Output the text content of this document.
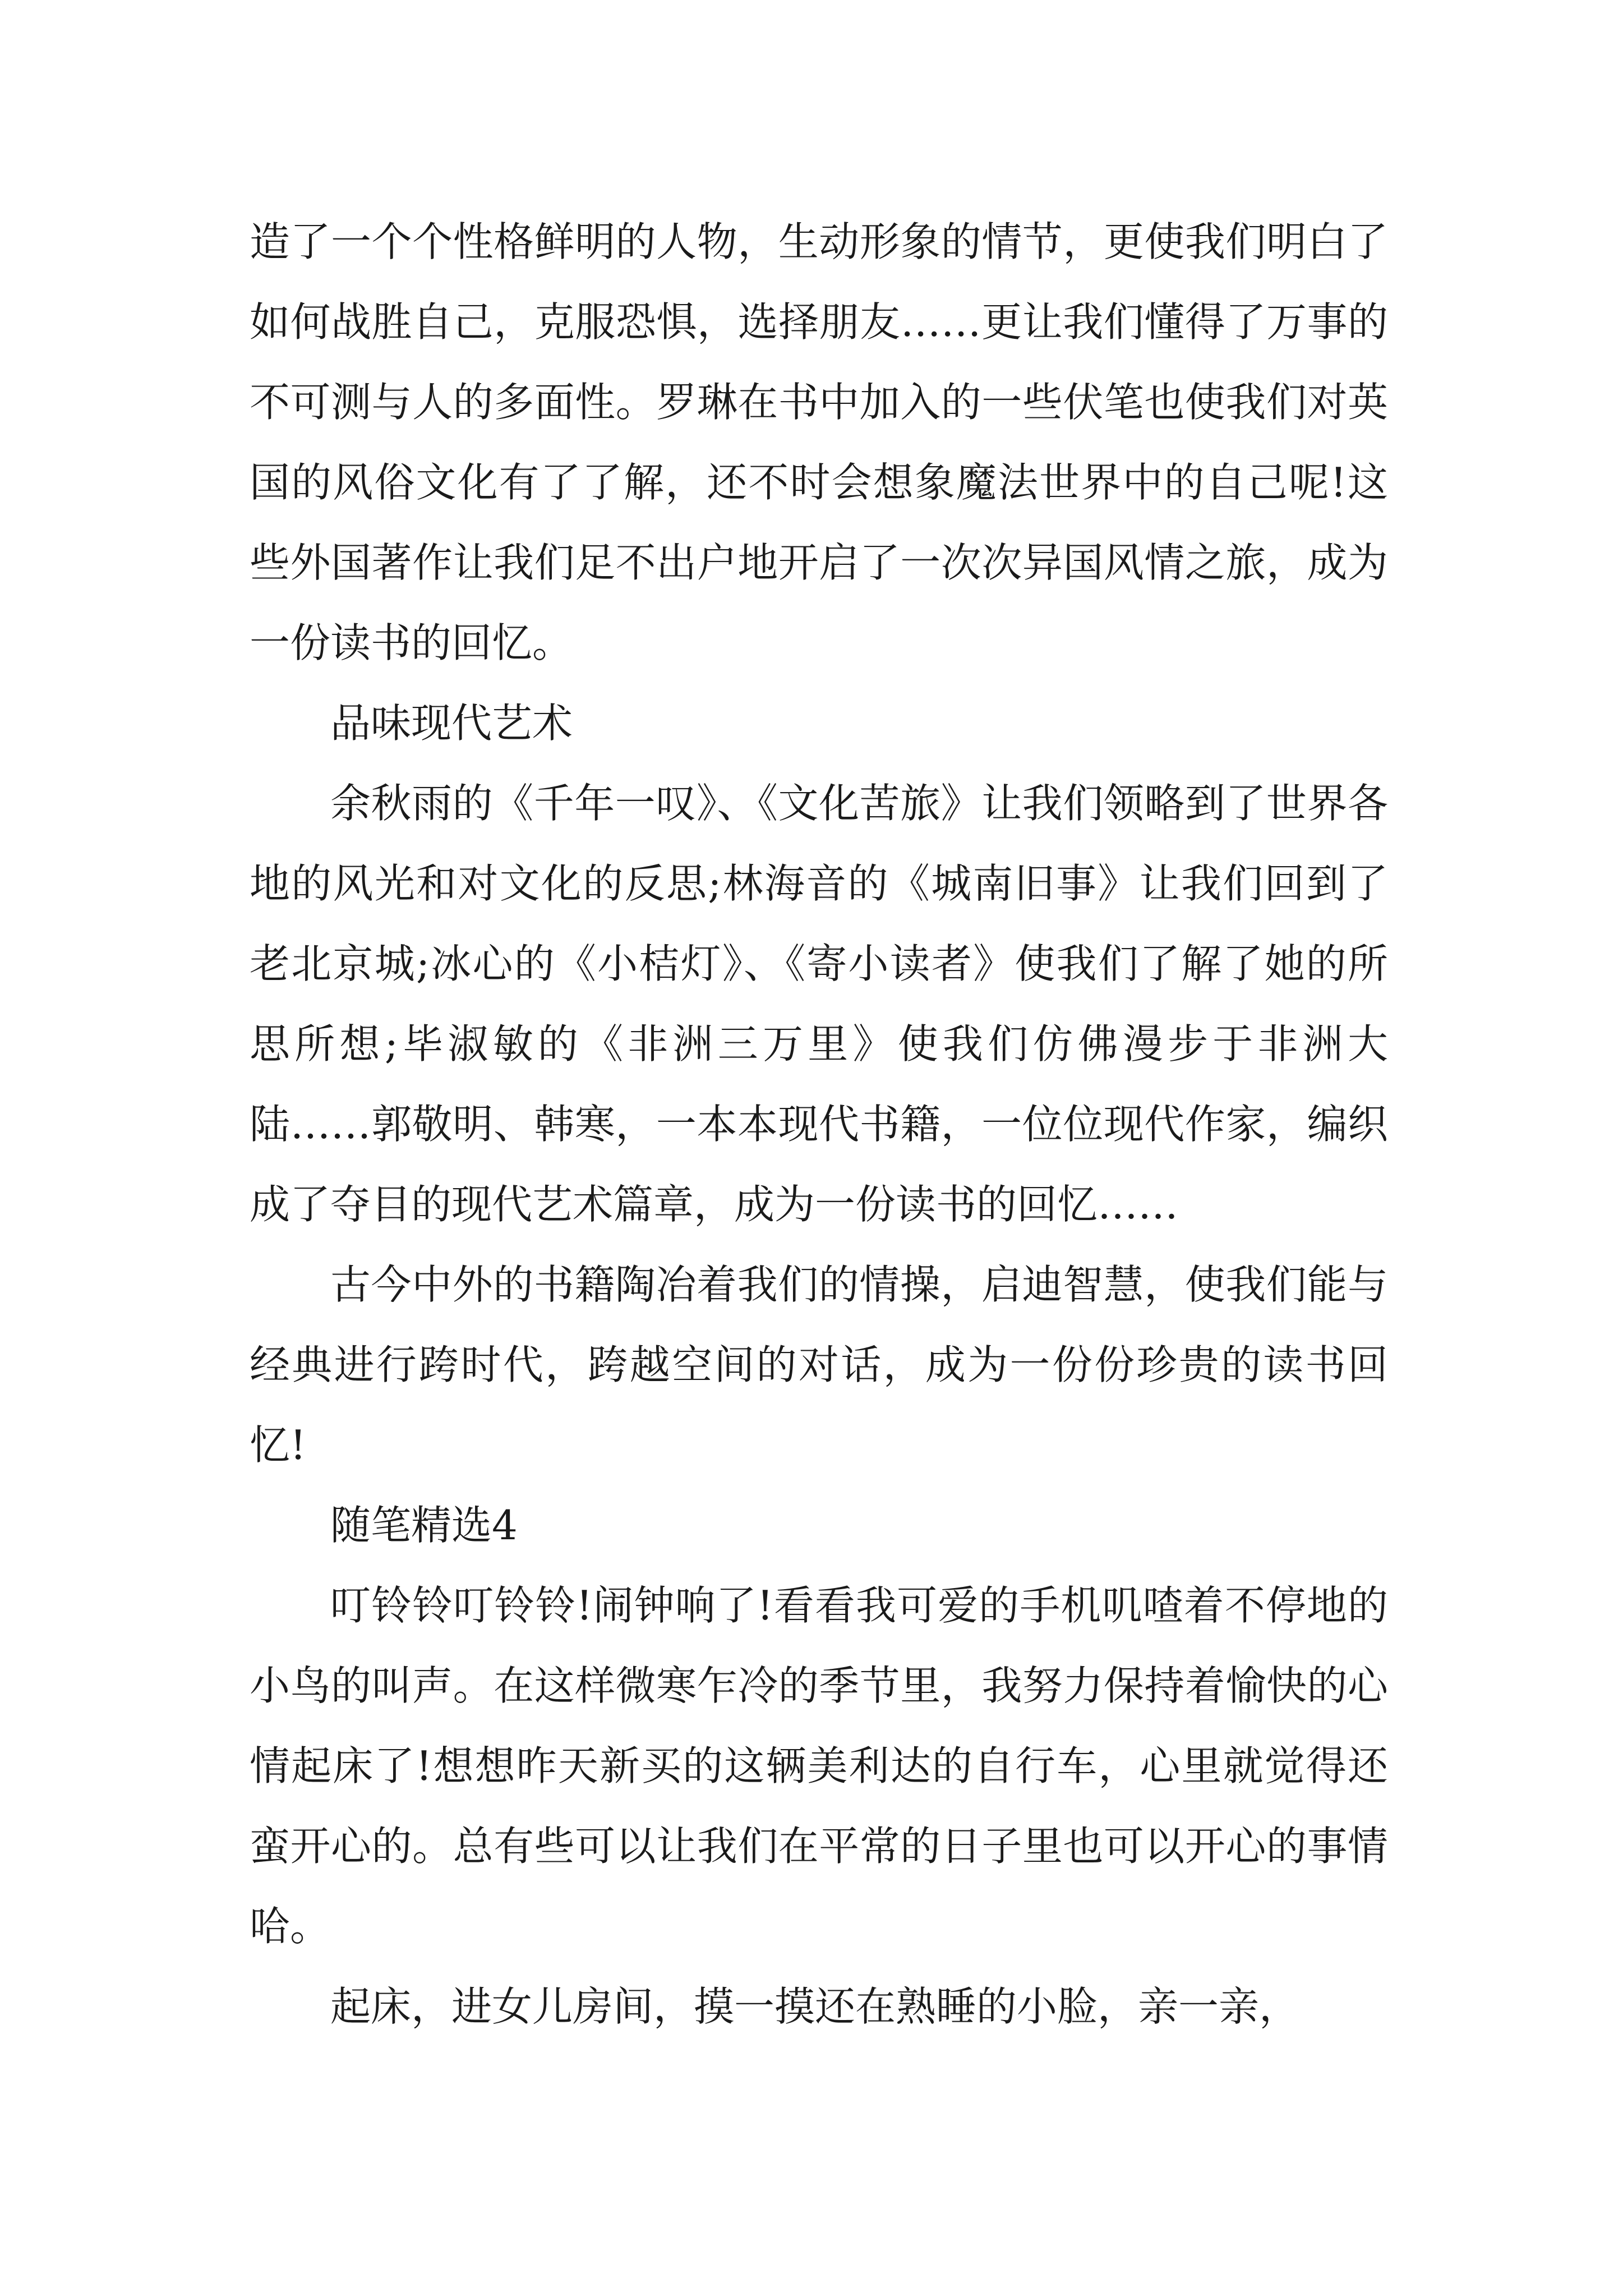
造了一个个性格鲜明的人物，生动形象的情节，更使我们明白了如何战胜自己，克服恐惧，选择朋友……更让我们懂得了万事的不可测与人的多面性。罗琳在书中加入的一些伏笔也使我们对英国的风俗文化有了了解，还不时会想象魔法世界中的自己呢!这些外国著作让我们足不出户地开启了一次次异国风情之旅，成为一份读书的回忆。

品味现代艺术

余秋雨的《千年一叹》、《文化苦旅》让我们领略到了世界各地的风光和对文化的反思;林海音的《城南旧事》让我们回到了老北京城;冰心的《小桔灯》、《寄小读者》使我们了解了她的所思所想;毕淑敏的《非洲三万里》使我们仿佛漫步于非洲大陆……郭敬明、韩寒，一本本现代书籍，一位位现代作家，编织成了夺目的现代艺术篇章，成为一份读书的回忆……

古今中外的书籍陶冶着我们的情操，启迪智慧，使我们能与经典进行跨时代，跨越空间的对话，成为一份份珍贵的读书回忆!

随笔精选4

叮铃铃叮铃铃!闹钟响了!看看我可爱的手机叽喳着不停地的小鸟的叫声。在这样微寒乍冷的季节里，我努力保持着愉快的心情起床了!想想昨天新买的这辆美利达的自行车，心里就觉得还蛮开心的。总有些可以让我们在平常的日子里也可以开心的事情哈。

起床，进女儿房间，摸一摸还在熟睡的小脸，亲一亲，
